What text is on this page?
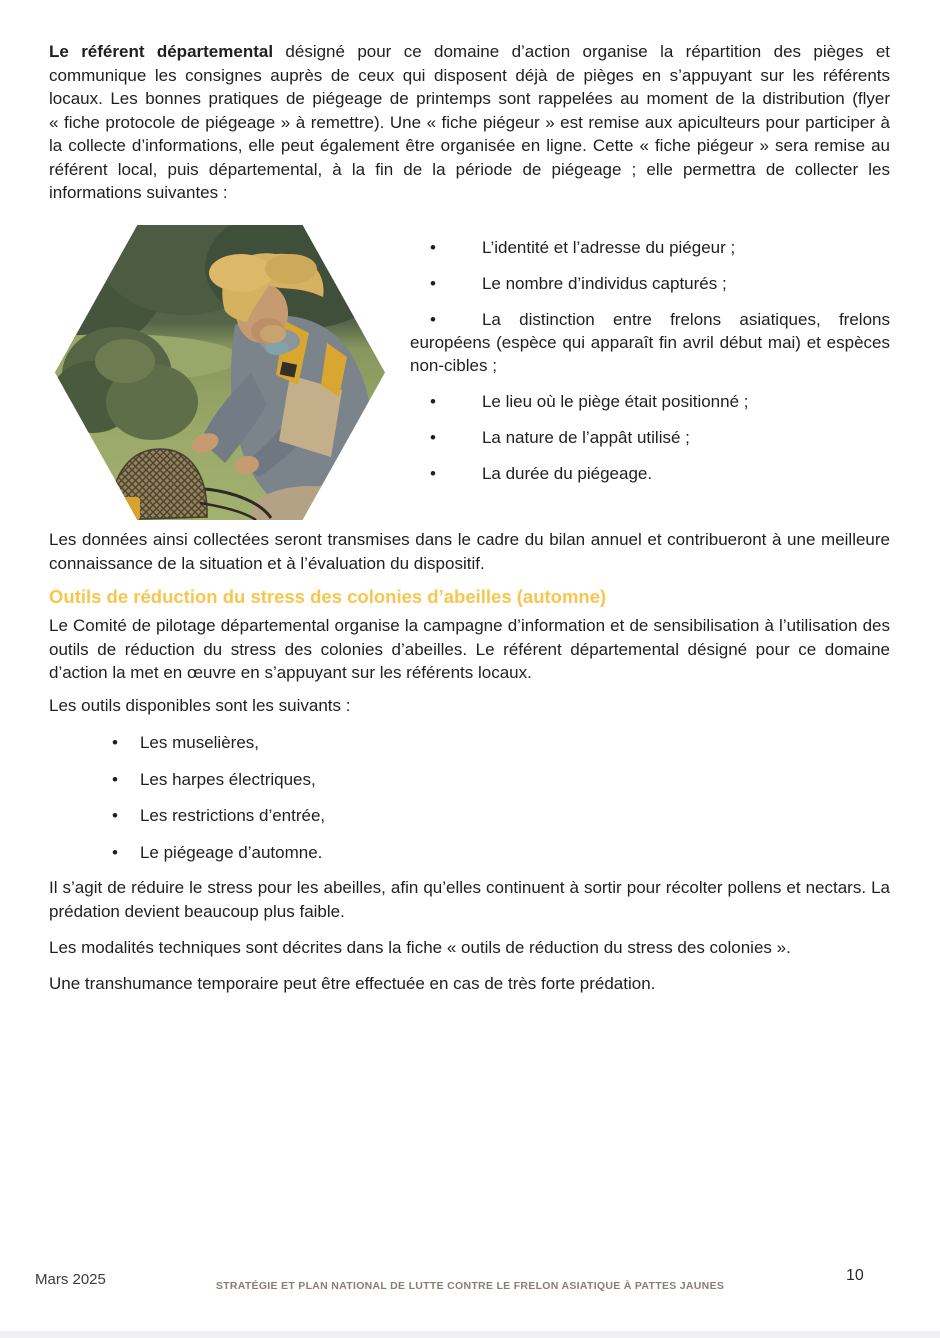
Le référent départemental désigné pour ce domaine d’action organise la répartition des pièges et communique les consignes auprès de ceux qui disposent déjà de pièges en s’appuyant sur les référents locaux. Les bonnes pratiques de piégeage de printemps sont rappelées au moment de la distribution (flyer « fiche protocole de piégeage » à remettre). Une « fiche piégeur » est remise aux apiculteurs pour participer à la collecte d’informations, elle peut également être organisée en ligne. Cette « fiche piégeur » sera remise au référent local, puis départemental, à la fin de la période de piégeage ; elle permettra de collecter les informations suivantes :

•	L’identité et l’adresse du piégeur ;

•	Le nombre d’individus capturés ;

•	La distinction entre frelons asiatiques, frelons européens (espèce qui apparaît fin avril début mai) et espèces non-cibles ;

•	Le lieu où le piège était positionné ;

•	La nature de l’appât utilisé ;

•	La durée du piégeage.

Les données ainsi collectées seront transmises dans le cadre du bilan annuel et contribueront à une meilleure connaissance de la situation et à l’évaluation du dispositif.

Outils de réduction du stress des colonies d’abeilles (automne)

Le Comité de pilotage départemental organise la campagne d’information et de sensibilisation à l’utilisation des outils de réduction du stress des colonies d’abeilles. Le référent départemental désigné pour ce domaine d’action la met en œuvre en s’appuyant sur les référents locaux.

Les outils disponibles sont les suivants :

• Les muselières,

• Les harpes électriques,

• Les restrictions d’entrée,

• Le piégeage d’automne.

Il s’agit de réduire le stress pour les abeilles, afin qu’elles continuent à sortir pour récolter pollens et nectars. La prédation devient beaucoup plus faible.

Les modalités techniques sont décrites dans la fiche « outils de réduction du stress des colonies ».

Une transhumance temporaire peut être effectuée en cas de très forte prédation.

Mars 2025	STRATÉGIE ET PLAN NATIONAL DE LUTTE CONTRE LE FRELON ASIATIQUE À PATTES JAUNES
10
